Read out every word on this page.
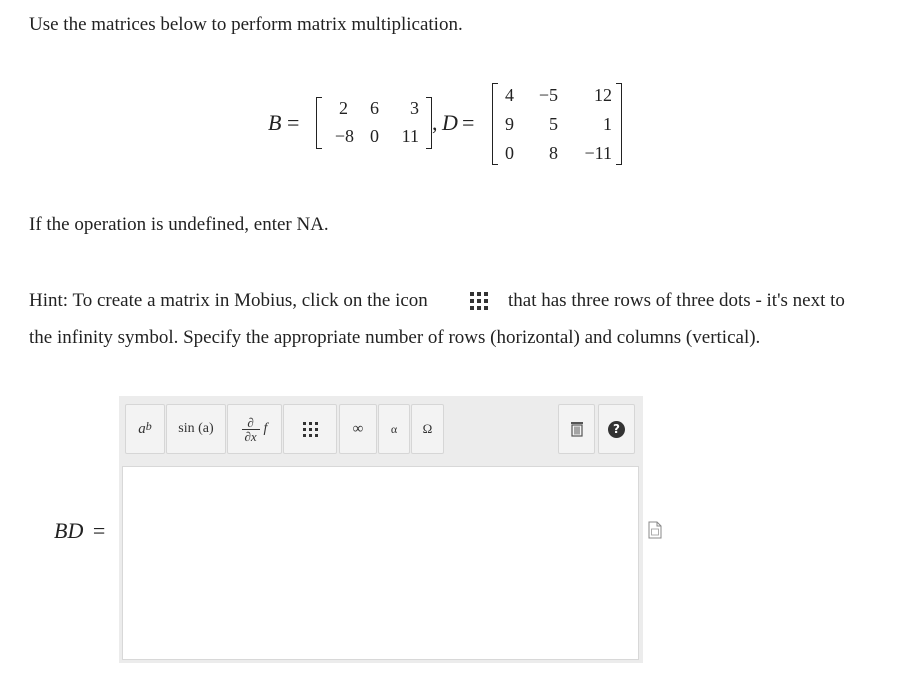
Use the matrices below to perform matrix multiplication.
B =
2 6 3
−8 0 11
, D =
4 −5 12
9 5	1
0 8 −11
If the operation is undefined, enter NA.
Hint: To create a matrix in Mobius, click on the icon	that has three rows of three dots - it's next to
the infinity symbol. Specify the appropriate number of rows (horizontal) and columns (vertical).
$a^b$	sin (a)	∂
∂x f	∞	α	Ω	?
BD =
